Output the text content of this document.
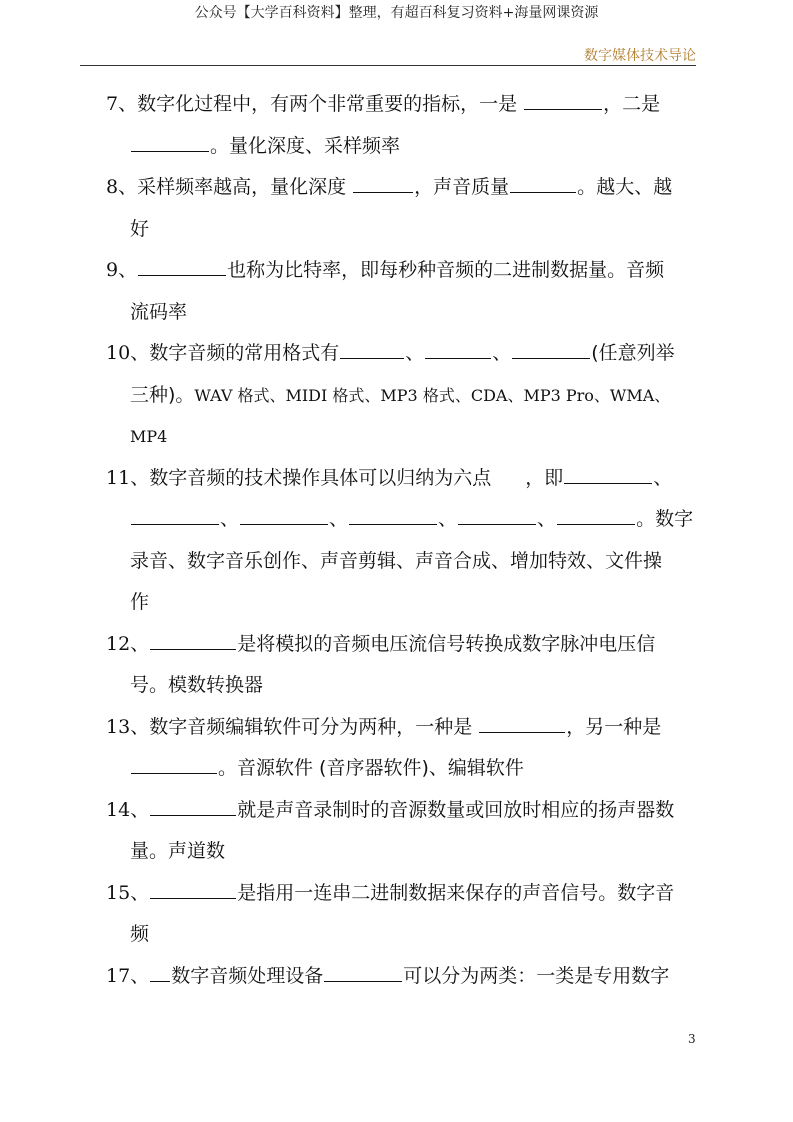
公众号【大学百科资料】整理，有超百科复习资料+海量网课资源
数字媒体技术导论
7、数字化过程中，有两个非常重要的指标，一是	，二是
。量化深度、采样频率
8、采样频率越高，量化深度	，声音质量	。越大、越
好
9、	也称为比特率，即每秒种音频的二进制数据量。音频
流码率
10、数字音频的常用格式有	、	、	(任意列举
三种)。WAV 格式、MIDI 格式、MP3 格式、CDA、MP3 Pro、WMA、
MP4
11、数字音频的技术操作具体可以归纳为六点 ，即	、
、	、	、	、	。数字
录音、数字音乐创作、声音剪辑、声音合成、增加特效、文件操
作
12、	是将模拟的音频电压流信号转换成数字脉冲电压信
号。模数转换器
13、数字音频编辑软件可分为两种，一种是	，另一种是
。音源软件 (音序器软件)、编辑软件
14、	就是声音录制时的音源数量或回放时相应的扬声器数
量。声道数
15、	是指用一连串二进制数据来保存的声音信号。数字音
频
17、 数字音频处理设备	可以分为两类：一类是专用数字
3
